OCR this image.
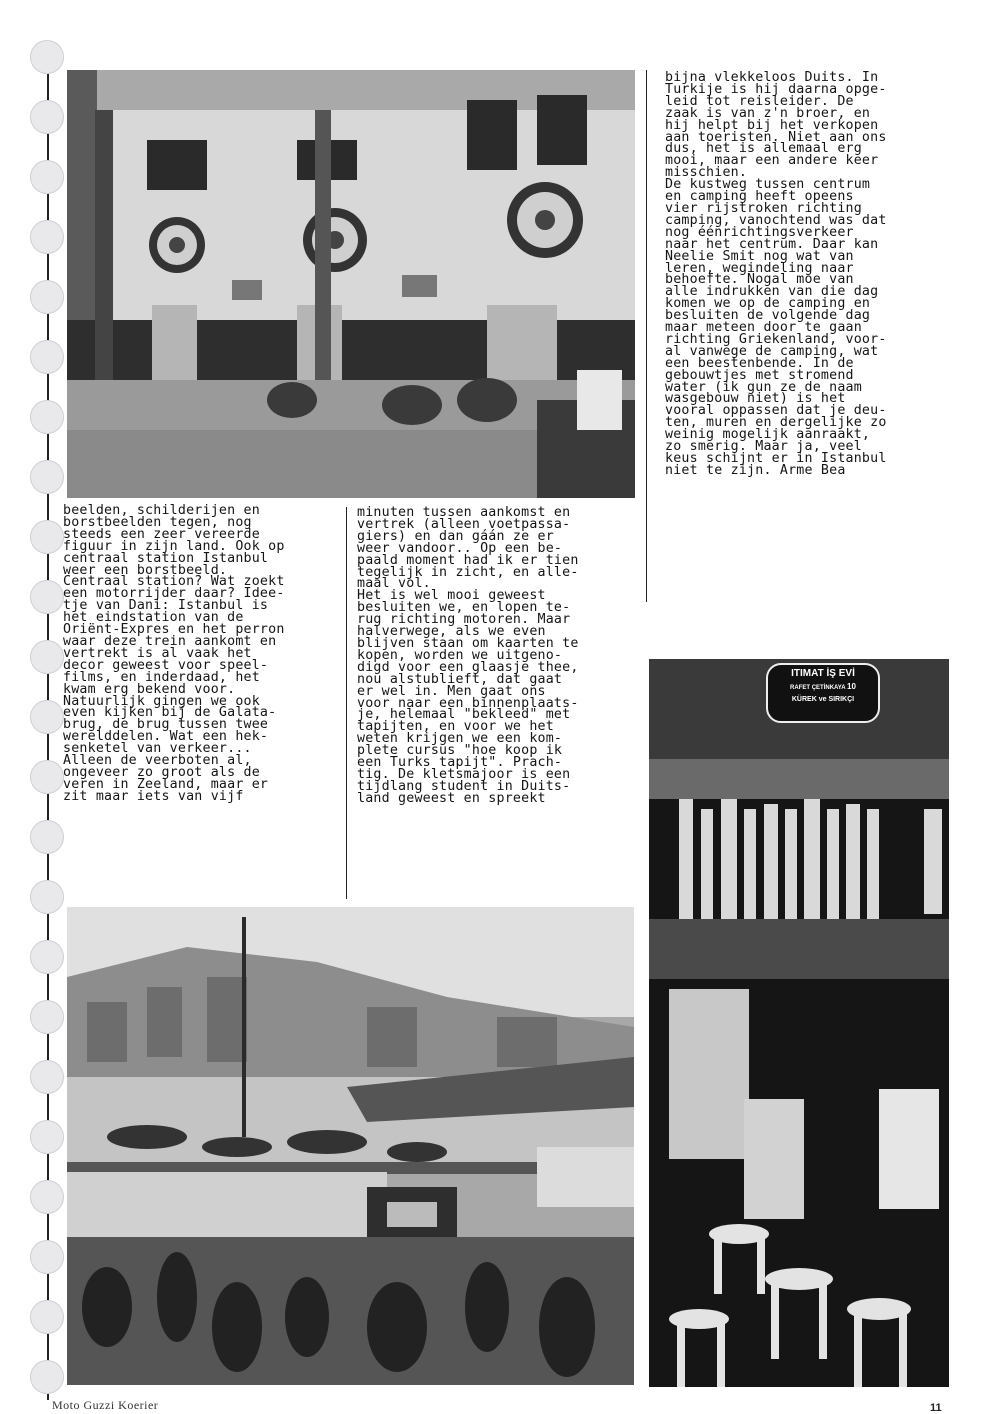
beelden, schilderijen en
borstbeelden tegen, nog
steeds een zeer vereerde
figuur in zijn land. Ook op
centraal station Istanbul
weer een borstbeeld.
Centraal station? Wat zoekt
een motorrijder daar? Idee-
tje van Dani: Istanbul is
het eindstation van de
Oriënt-Expres en het perron
waar deze trein aankomt en
vertrekt is al vaak het
decor geweest voor speel-
films, en inderdaad, het
kwam erg bekend voor.
Natuurlijk gingen we ook
even kijken bij de Galata-
brug, de brug tussen twee
werelddelen. Wat een hek-
senketel van verkeer...
Alleen de veerboten al,
ongeveer zo groot als de
veren in Zeeland, maar er
zit maar iets van vijf
minuten tussen aankomst en
vertrek (alleen voetpassa-
giers) en dan gáán ze er
weer vandoor.. Op een be-
paald moment had ik er tien
tegelijk in zicht, en alle-
maal vol.
Het is wel mooi geweest
besluiten we, en lopen te-
rug richting motoren. Maar
halverwege, als we even
blijven staan om kaarten te
kopen, worden we uitgeno-
digd voor een glaasje thee,
nou alstublieft, dat gaat
er wel in. Men gaat ons
voor naar een binnenplaats-
je, helemaal "bekleed" met
tapijten, en voor we het
weten krijgen we een kom-
plete cursus "hoe koop ik
een Turks tapijt". Prach-
tig. De kletsmajoor is een
tijdlang student in Duits-
land geweest en spreekt
bijna vlekkeloos Duits. In
Turkije is hij daarna opge-
leid tot reisleider. De
zaak is van z'n broer, en
hij helpt bij het verkopen
aan toeristen. Niet aan ons
dus, het is allemaal erg
mooi, maar een andere keer
misschien.
De kustweg tussen centrum
en camping heeft opeens
vier rijstroken richting
camping, vanochtend was dat
nog éénrichtingsverkeer
naar het centrum. Daar kan
Neelie Smit nog wat van
leren, wegindeling naar
behoefte. Nogal moe van
alle indrukken van die dag
komen we op de camping en
besluiten de volgende dag
maar meteen door te gaan
richting Griekenland, voor-
al vanwege de camping, wat
een beestenbende. In de
gebouwtjes met stromend
water (ik gun ze de naam
wasgebouw niet) is het
vooral oppassen dat je deu-
ten, muren en dergelijke zo
weinig mogelijk aanraakt,
zo smerig. Maar ja, veel
keus schijnt er in Istanbul
niet te zijn. Arme Bea
ITIMAT İŞ EVİ
RAFET ÇETİNKAYA 10
KÜREK ve SIRIKÇI
Moto Guzzi Koerier	11
